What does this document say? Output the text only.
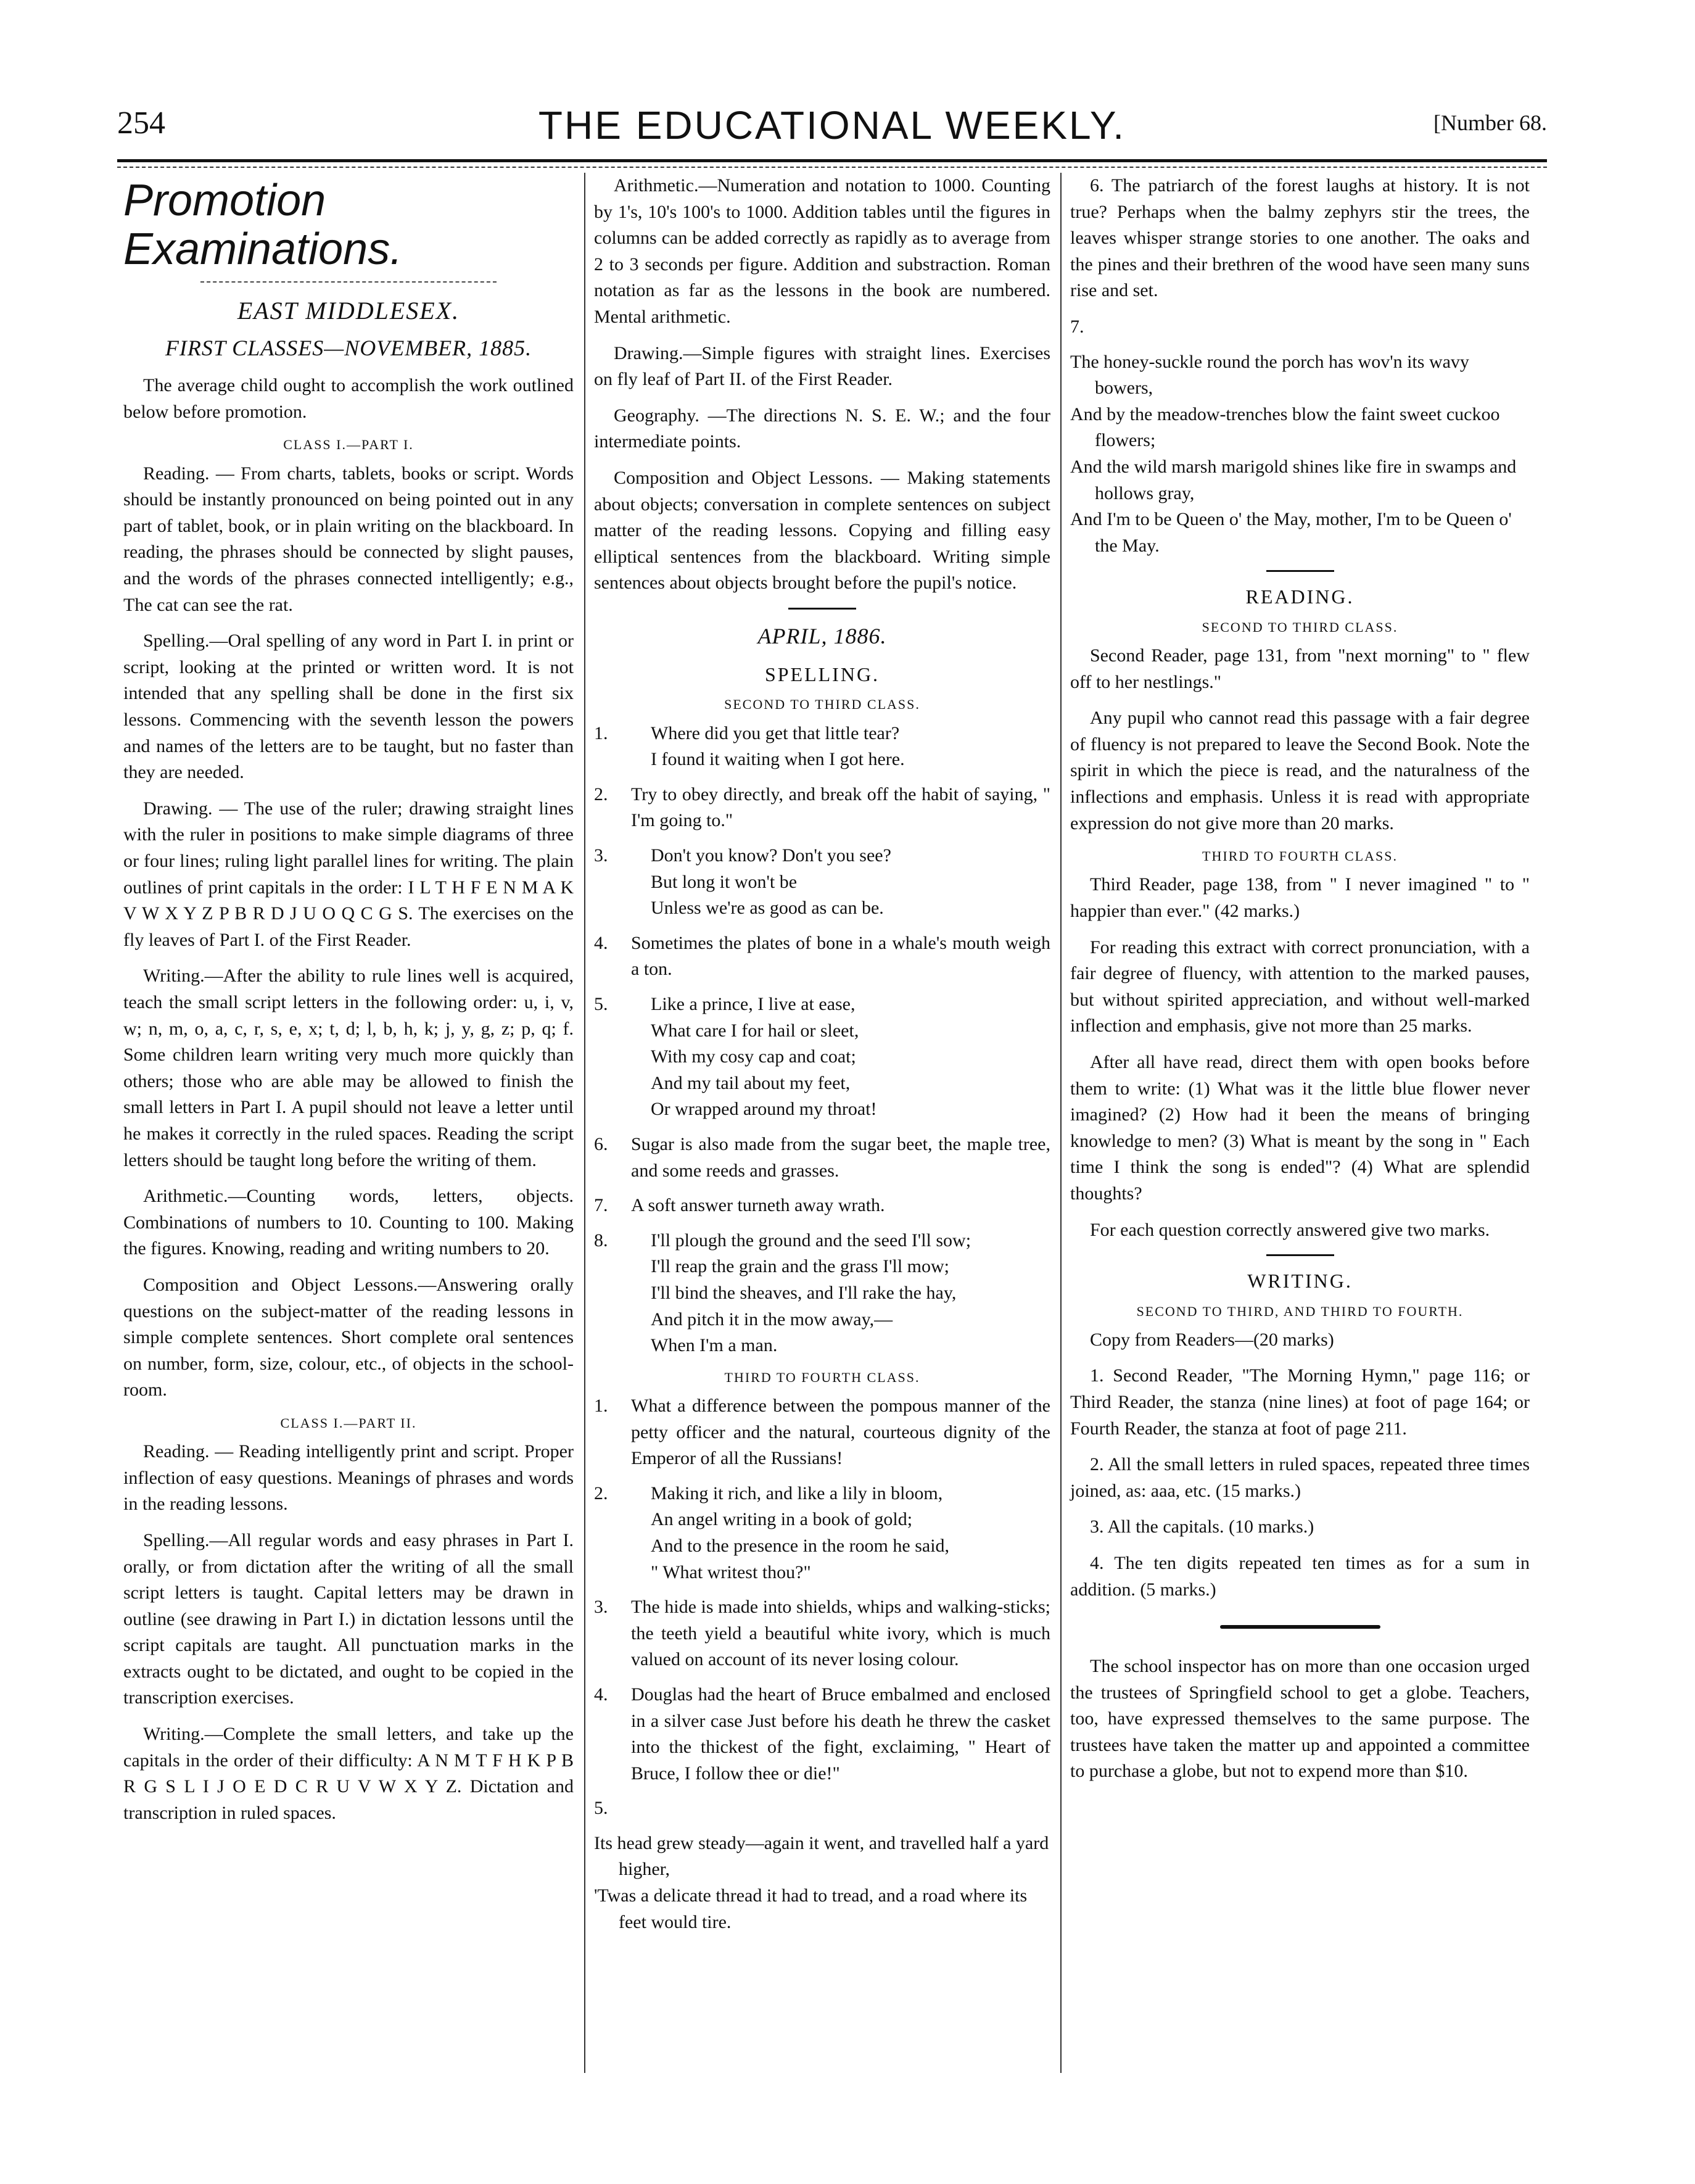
254	THE EDUCATIONAL WEEKLY.	[Number 68.
Promotion Examinations.
EAST MIDDLESEX.
FIRST CLASSES—NOVEMBER, 1885.

The average child ought to accomplish the work outlined below before promotion.

CLASS I.—PART I.

Reading. — From charts, tablets, books or script. Words should be instantly pronounced on being pointed out in any part of tablet, book, or in plain writing on the blackboard. In reading, the phrases should be connected by slight pauses, and the words of the phrases connected intelligently; e.g., The cat can see the rat.

Spelling.—Oral spelling of any word in Part I. in print or script, looking at the printed or written word. It is not intended that any spelling shall be done in the first six lessons. Commencing with the seventh lesson the powers and names of the letters are to be taught, but no faster than they are needed.

Drawing. — The use of the ruler; drawing straight lines with the ruler in positions to make simple diagrams of three or four lines; ruling light parallel lines for writing. The plain outlines of print capitals in the order: I L T H F E N M A K V W X Y Z P B R D J U O Q C G S. The exercises on the fly leaves of Part I. of the First Reader.

Writing.—After the ability to rule lines well is acquired, teach the small script letters in the following order: u, i, v, w; n, m, o, a, c, r, s, e, x; t, d; l, b, h, k; j, y, g, z; p, q; f. Some children learn writing very much more quickly than others; those who are able may be allowed to finish the small letters in Part I. A pupil should not leave a letter until he makes it correctly in the ruled spaces. Reading the script letters should be taught long before the writing of them.

Arithmetic.—Counting words, letters, objects. Combinations of numbers to 10. Counting to 100. Making the figures. Knowing, reading and writing numbers to 20.

Composition and Object Lessons.—Answering orally questions on the subject-matter of the reading lessons in simple complete sentences. Short complete oral sentences on number, form, size, colour, etc., of objects in the school-room.

CLASS I.—PART II.

Reading. — Reading intelligently print and script. Proper inflection of easy questions. Meanings of phrases and words in the reading lessons.

Spelling.—All regular words and easy phrases in Part I. orally, or from dictation after the writing of all the small script letters is taught. Capital letters may be drawn in outline (see drawing in Part I.) in dictation lessons until the script capitals are taught. All punctuation marks in the extracts ought to be dictated, and ought to be copied in the transcription exercises.

Writing.—Complete the small letters, and take up the capitals in the order of their difficulty: A N M T F H K P B R G S L I J O E D C R U V W X Y Z. Dictation and transcription in ruled spaces.

Arithmetic.—Numeration and notation to 1000. Counting by 1's, 10's 100's to 1000. Addition tables until the figures in columns can be added correctly as rapidly as to average from 2 to 3 seconds per figure. Addition and substraction. Roman notation as far as the lessons in the book are numbered. Mental arithmetic.

Drawing.—Simple figures with straight lines. Exercises on fly leaf of Part II. of the First Reader.

Geography. —The directions N. S. E. W.; and the four intermediate points.

Composition and Object Lessons. — Making statements about objects; conversation in complete sentences on subject matter of the reading lessons. Copying and filling easy elliptical sentences from the blackboard. Writing simple sentences about objects brought before the pupil's notice.

APRIL, 1886.
SPELLING.
SECOND TO THIRD CLASS.
1.	Where did you get that little tear?
I found it waiting when I got here.
2.	Try to obey directly, and break off the habit of saying, " I'm going to."
3.	Don't you know? Don't you see?
But long it won't be
Unless we're as good as can be.
4.	Sometimes the plates of bone in a whale's mouth weigh a ton.
5.	Like a prince, I live at ease,
What care I for hail or sleet,
With my cosy cap and coat;
And my tail about my feet,
Or wrapped around my throat!
6.	Sugar is also made from the sugar beet, the maple tree, and some reeds and grasses.
7.	A soft answer turneth away wrath.
8.	I'll plough the ground and the seed I'll sow;
I'll reap the grain and the grass I'll mow;
I'll bind the sheaves, and I'll rake the hay,
And pitch it in the mow away,—
When I'm a man.
THIRD TO FOURTH CLASS.
1.	What a difference between the pompous manner of the petty officer and the natural, courteous dignity of the Emperor of all the Russians!
2.	Making it rich, and like a lily in bloom,
An angel writing in a book of gold;
And to the presence in the room he said,
" What writest thou?"
3.	The hide is made into shields, whips and walking-sticks; the teeth yield a beautiful white ivory, which is much valued on account of its never losing colour.
4.	Douglas had the heart of Bruce embalmed and enclosed in a silver case Just before his death he threw the casket into the thickest of the fight, exclaiming, " Heart of Bruce, I follow thee or die!"
5.
Its head grew steady—again it went, and travelled half a yard higher,
'Twas a delicate thread it had to tread, and a road where its feet would tire.

6. The patriarch of the forest laughs at history. It is not true? Perhaps when the balmy zephyrs stir the trees, the leaves whisper strange stories to one another. The oaks and the pines and their brethren of the wood have seen many suns rise and set.

7.
The honey-suckle round the porch has wov'n its wavy bowers,
And by the meadow-trenches blow the faint sweet cuckoo flowers;
And the wild marsh marigold shines like fire in swamps and hollows gray,
And I'm to be Queen o' the May, mother, I'm to be Queen o' the May.
READING.
SECOND TO THIRD CLASS.

Second Reader, page 131, from "next morning" to " flew off to her nestlings."

Any pupil who cannot read this passage with a fair degree of fluency is not prepared to leave the Second Book. Note the spirit in which the piece is read, and the naturalness of the inflections and emphasis. Unless it is read with appropriate expression do not give more than 20 marks.

THIRD TO FOURTH CLASS.

Third Reader, page 138, from " I never imagined " to " happier than ever." (42 marks.)

For reading this extract with correct pronunciation, with a fair degree of fluency, with attention to the marked pauses, but without spirited appreciation, and without well-marked inflection and emphasis, give not more than 25 marks.

After all have read, direct them with open books before them to write: (1) What was it the little blue flower never imagined? (2) How had it been the means of bringing knowledge to men? (3) What is meant by the song in " Each time I think the song is ended"? (4) What are splendid thoughts?

For each question correctly answered give two marks.

WRITING.
SECOND TO THIRD, AND THIRD TO FOURTH.

Copy from Readers—(20 marks)

1. Second Reader, "The Morning Hymn," page 116; or Third Reader, the stanza (nine lines) at foot of page 164; or Fourth Reader, the stanza at foot of page 211.

2. All the small letters in ruled spaces, repeated three times joined, as: aaa, etc. (15 marks.)

3. All the capitals. (10 marks.)

4. The ten digits repeated ten times as for a sum in addition. (5 marks.)

The school inspector has on more than one occasion urged the trustees of Springfield school to get a globe. Teachers, too, have expressed themselves to the same purpose. The trustees have taken the matter up and appointed a committee to purchase a globe, but not to expend more than $10.
